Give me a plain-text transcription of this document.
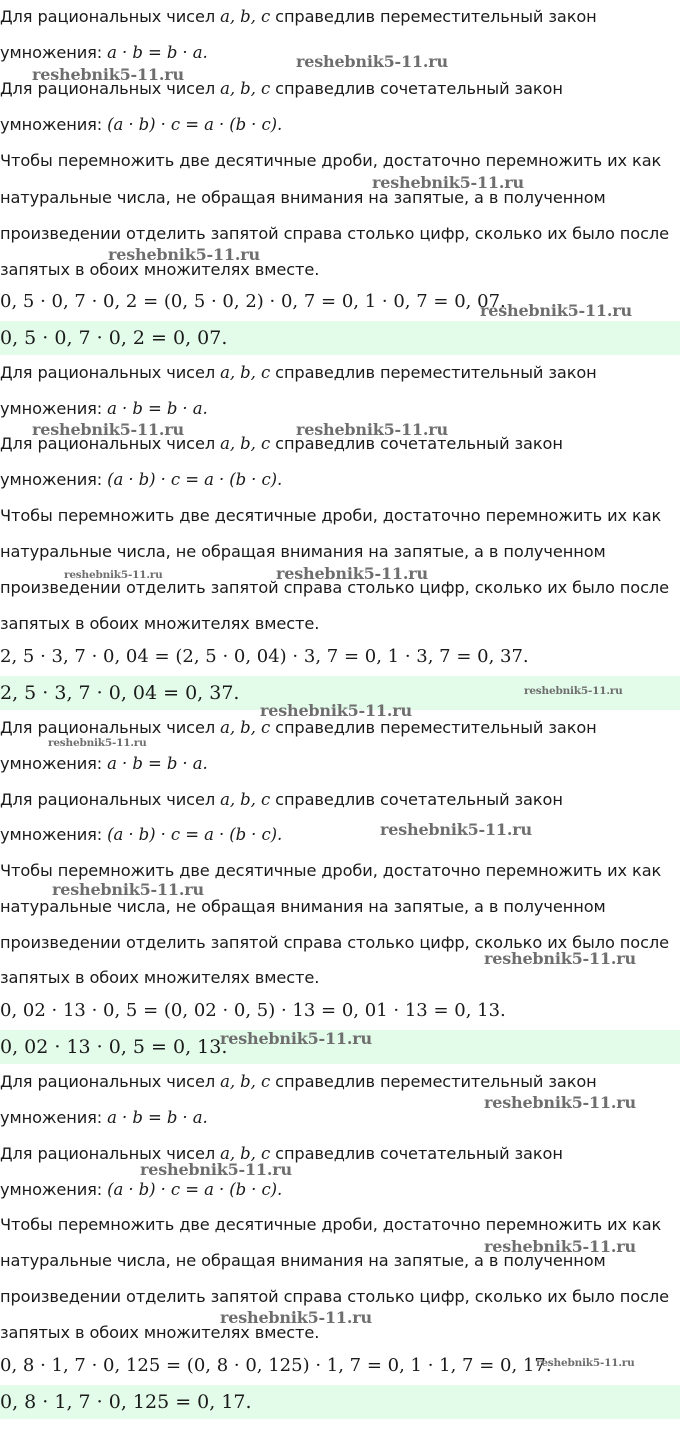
Для рациональных чисел a, b, c справедлив переместительный закон

умножения: a · b = b · a.

Для рациональных чисел a, b, c справедлив сочетательный закон

умножения: (a · b) · c = a · (b · c).

Чтобы перемножить две десятичные дроби, достаточно перемножить их как

натуральные числа, не обращая внимания на запятые, а в полученном

произведении отделить запятой справа столько цифр, сколько их было после

запятых в обоих множителях вместе.

0, 5 · 0, 7 · 0, 2 = (0, 5 · 0, 2) · 0, 7 = 0, 1 · 0, 7 = 0, 07.

0, 5 · 0, 7 · 0, 2 = 0, 07.

Для рациональных чисел a, b, c справедлив переместительный закон

умножения: a · b = b · a.

Для рациональных чисел a, b, c справедлив сочетательный закон

умножения: (a · b) · c = a · (b · c).

Чтобы перемножить две десятичные дроби, достаточно перемножить их как

натуральные числа, не обращая внимания на запятые, а в полученном

произведении отделить запятой справа столько цифр, сколько их было после

запятых в обоих множителях вместе.

2, 5 · 3, 7 · 0, 04 = (2, 5 · 0, 04) · 3, 7 = 0, 1 · 3, 7 = 0, 37.

2, 5 · 3, 7 · 0, 04 = 0, 37.

Для рациональных чисел a, b, c справедлив переместительный закон

умножения: a · b = b · a.

Для рациональных чисел a, b, c справедлив сочетательный закон

умножения: (a · b) · c = a · (b · c).

Чтобы перемножить две десятичные дроби, достаточно перемножить их как

натуральные числа, не обращая внимания на запятые, а в полученном

произведении отделить запятой справа столько цифр, сколько их было после

запятых в обоих множителях вместе.

0, 02 · 13 · 0, 5 = (0, 02 · 0, 5) · 13 = 0, 01 · 13 = 0, 13.

0, 02 · 13 · 0, 5 = 0, 13.

Для рациональных чисел a, b, c справедлив переместительный закон

умножения: a · b = b · a.

Для рациональных чисел a, b, c справедлив сочетательный закон

умножения: (a · b) · c = a · (b · c).

Чтобы перемножить две десятичные дроби, достаточно перемножить их как

натуральные числа, не обращая внимания на запятые, а в полученном

произведении отделить запятой справа столько цифр, сколько их было после

запятых в обоих множителях вместе.

0, 8 · 1, 7 · 0, 125 = (0, 8 · 0, 125) · 1, 7 = 0, 1 · 1, 7 = 0, 17.

0, 8 · 1, 7 · 0, 125 = 0, 17.
reshebnik5-11.ru
reshebnik5-11.ru
reshebnik5-11.ru
reshebnik5-11.ru
reshebnik5-11.ru
reshebnik5-11.ru	reshebnik5-11.ru
reshebnik5-11.ru	reshebnik5-11.ru
reshebnik5-11.ru
reshebnik5-11.ru
reshebnik5-11.ru
reshebnik5-11.ru
reshebnik5-11.ru
reshebnik5-11.ru
reshebnik5-11.ru
reshebnik5-11.ru
reshebnik5-11.ru
reshebnik5-11.ru
reshebnik5-11.ru
reshebnik5-11.ru
